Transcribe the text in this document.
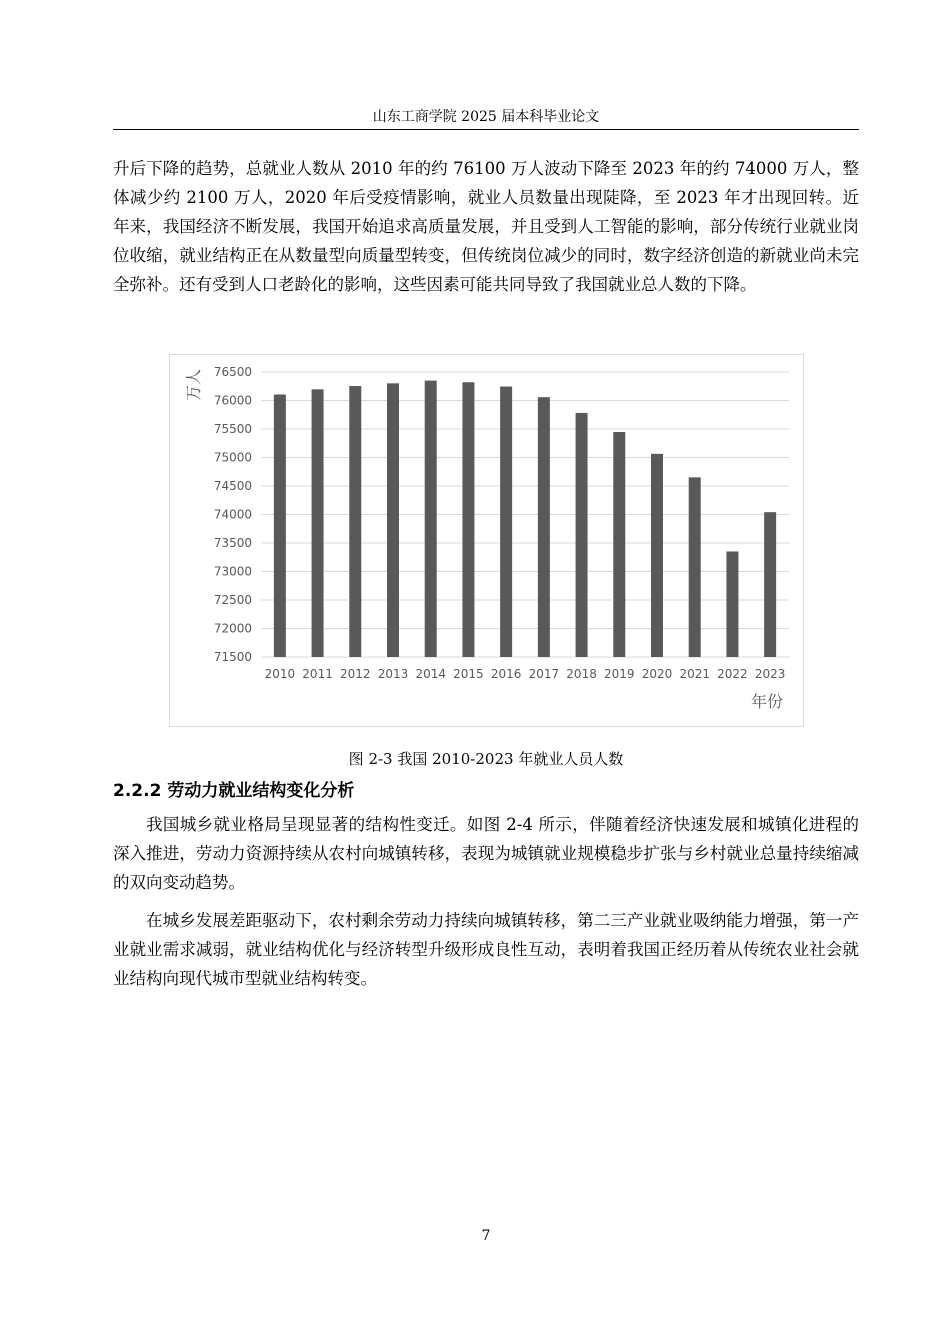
山东工商学院 2025 届本科毕业论文

升后下降的趋势，总就业人数从 2010 年的约 76100 万人波动下降至 2023 年的约 74000 万人，整体减少约 2100 万人，2020 年后受疫情影响，就业人员数量出现陡降，至 2023 年才出现回转。近年来，我国经济不断发展，我国开始追求高质量发展，并且受到人工智能的影响，部分传统行业就业岗位收缩，就业结构正在从数量型向质量型转变，但传统岗位减少的同时，数字经济创造的新就业尚未完全弥补。还有受到人口老龄化的影响，这些因素可能共同导致了我国就业总人数的下降。

71500
72000
72500
73000
73500
74000
74500
75000
75500
76000
76500
2010 2011 2012 2013 2014 2015 2016 2017 2018 2019 2020 2021 2022 2023
万人
年份
图 2-3 我国 2010-2023 年就业人员人数
2.2.2 劳动力就业结构变化分析

我国城乡就业格局呈现显著的结构性变迁。如图 2-4 所示，伴随着经济快速发展和城镇化进程的深入推进，劳动力资源持续从农村向城镇转移，表现为城镇就业规模稳步扩张与乡村就业总量持续缩减的双向变动趋势。

在城乡发展差距驱动下，农村剩余劳动力持续向城镇转移，第二三产业就业吸纳能力增强，第一产业就业需求减弱，就业结构优化与经济转型升级形成良性互动，表明着我国正经历着从传统农业社会就业结构向现代城市型就业结构转变。

7
